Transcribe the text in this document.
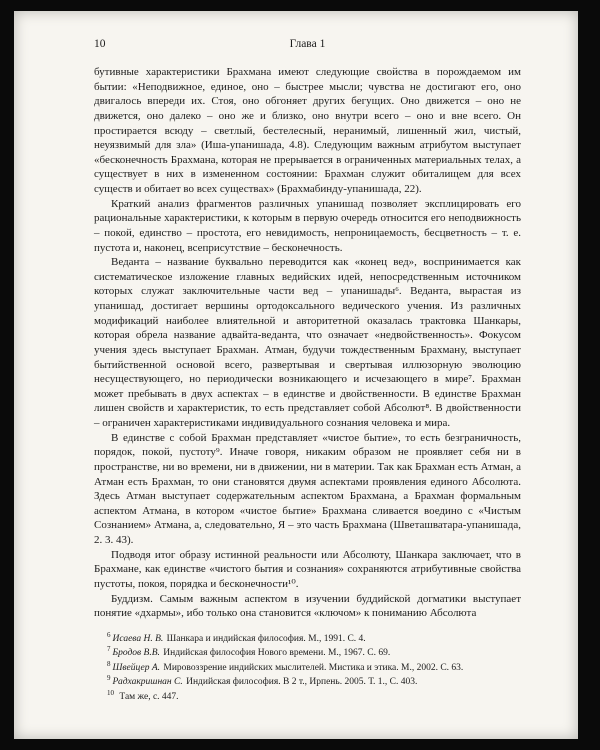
10	Глава 1

бутивные характеристики Брахмана имеют следующие свойства в порождаемом им бытии: «Неподвижное, единое, оно – быстрее мысли; чувства не достигают его, оно двигалось впереди их. Стоя, оно обгоняет других бегущих. Оно движется – оно не движется, оно далеко – оно же и близко, оно внутри всего – оно и вне всего. Он простирается всюду – светлый, бестелесный, неранимый, лишенный жил, чистый, неуязвимый для зла» (Иша-упанишада, 4.8). Следующим важным атрибутом выступает «бесконечность Брахмана, которая не прерывается в ограниченных материальных телах, а существует в них в измененном состоянии: Брахман служит обиталищем для всех существ и обитает во всех существах» (Брахмабинду-упанишада, 22).

Краткий анализ фрагментов различных упанишад позволяет эксплицировать его рациональные характеристики, к которым в первую очередь относится его неподвижность – покой, единство – простота, его невидимость, непроницаемость, бесцветность – т. е. пустота и, наконец, всеприсутствие – бесконечность.

Веданта – название буквально переводится как «конец вед», воспринимается как систематическое изложение главных ведийских идей, непосредственным источником которых служат заключительные части вед – упанишады⁶. Веданта, вырастая из упанишад, достигает вершины ортодоксального ведического учения. Из различных модификаций наиболее влиятельной и авторитетной оказалась трактовка Шанкары, которая обрела название адвайта-веданта, что означает «недвойственность». Фокусом учения здесь выступает Брахман. Атман, будучи тождественным Брахману, выступает бытийственной основой всего, развертывая и свертывая иллюзорную эволюцию несуществующего, но периодически возникающего и исчезающего в мире⁷. Брахман может пребывать в двух аспектах – в единстве и двойственности. В единстве Брахман лишен свойств и характеристик, то есть представляет собой Абсолют⁸. В двойственности – ограничен характеристиками индивидуального сознания человека и мира.

В единстве с собой Брахман представляет «чистое бытие», то есть безграничность, порядок, покой, пустоту⁹. Иначе говоря, никаким образом не проявляет себя ни в пространстве, ни во времени, ни в движении, ни в материи. Так как Брахман есть Атман, а Атман есть Брахман, то они становятся двумя аспектами проявления единого Абсолюта. Здесь Атман выступает содержательным аспектом Брахмана, а Брахман формальным аспектом Атмана, в котором «чистое бытие» Брахмана сливается воедино с «Чистым Сознанием» Атмана, а, следовательно, Я – это часть Брахмана (Шветашватара-упанишада, 2. 3. 43).

Подводя итог образу истинной реальности или Абсолюту, Шанкара заключает, что в Брахмане, как единстве «чистого бытия и сознания» сохраняются атрибутивные свойства пустоты, покоя, порядка и бесконечности¹⁰.

Буддизм. Самым важным аспектом в изучении буддийской догматики выступает понятие «дхармы», ибо только она становится «ключом» к пониманию Абсолюта

$^6$ Исаева Н. В. Шанкара и индийская философия. М., 1991. С. 4.

$^7$ Бродов В.В. Индийская философия Нового времени. М., 1967. С. 69.

$^8$ Швейцер А. Мировоззрение индийских мыслителей. Мистика и этика. М., 2002. С. 63.

$^9$ Радхакришнан С. Индийская философия. В 2 т., Ирпень. 2005. Т. 1., С. 403.

$^{10}$ Там же, с. 447.
